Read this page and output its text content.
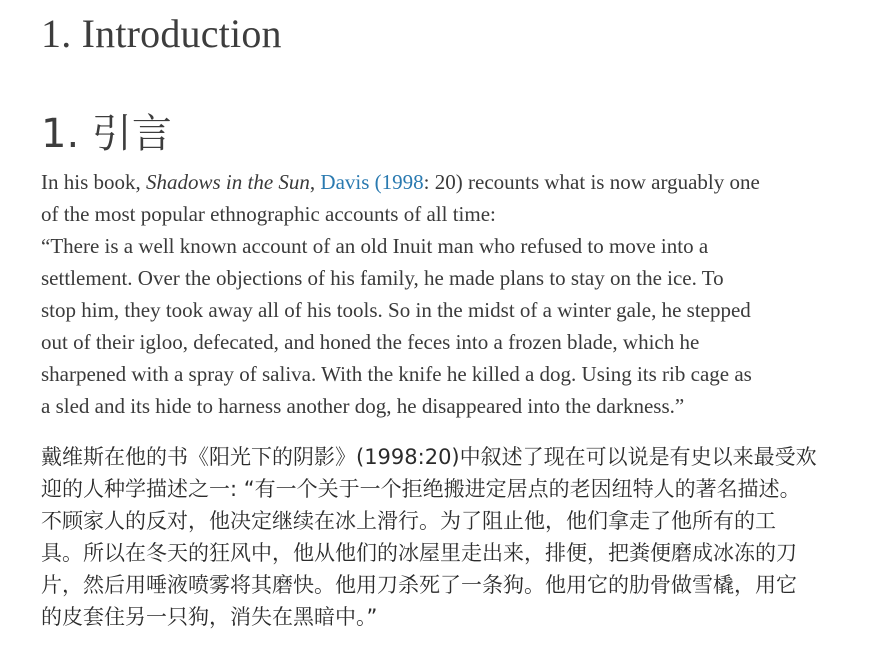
1. Introduction
1. 引言

In his book, Shadows in the Sun, Davis (1998: 20) recounts what is now arguably one
of the most popular ethnographic accounts of all time:
“There is a well known account of an old Inuit man who refused to move into a
settlement. Over the objections of his family, he made plans to stay on the ice. To
stop him, they took away all of his tools. So in the midst of a winter gale, he stepped
out of their igloo, defecated, and honed the feces into a frozen blade, which he
sharpened with a spray of saliva. With the knife he killed a dog. Using its rib cage as
a sled and its hide to harness another dog, he disappeared into the darkness.”

戴维斯在他的书《阳光下的阴影》(1998:20)中叙述了现在可以说是有史以来最受欢
迎的人种学描述之一: “有一个关于一个拒绝搬进定居点的老因纽特人的著名描述。
不顾家人的反对，他决定继续在冰上滑行。为了阻止他，他们拿走了他所有的工
具。所以在冬天的狂风中，他从他们的冰屋里走出来，排便，把粪便磨成冰冻的刀
片，然后用唾液喷雾将其磨快。他用刀杀死了一条狗。他用它的肋骨做雪橇，用它
的皮套住另一只狗，消失在黑暗中。”
